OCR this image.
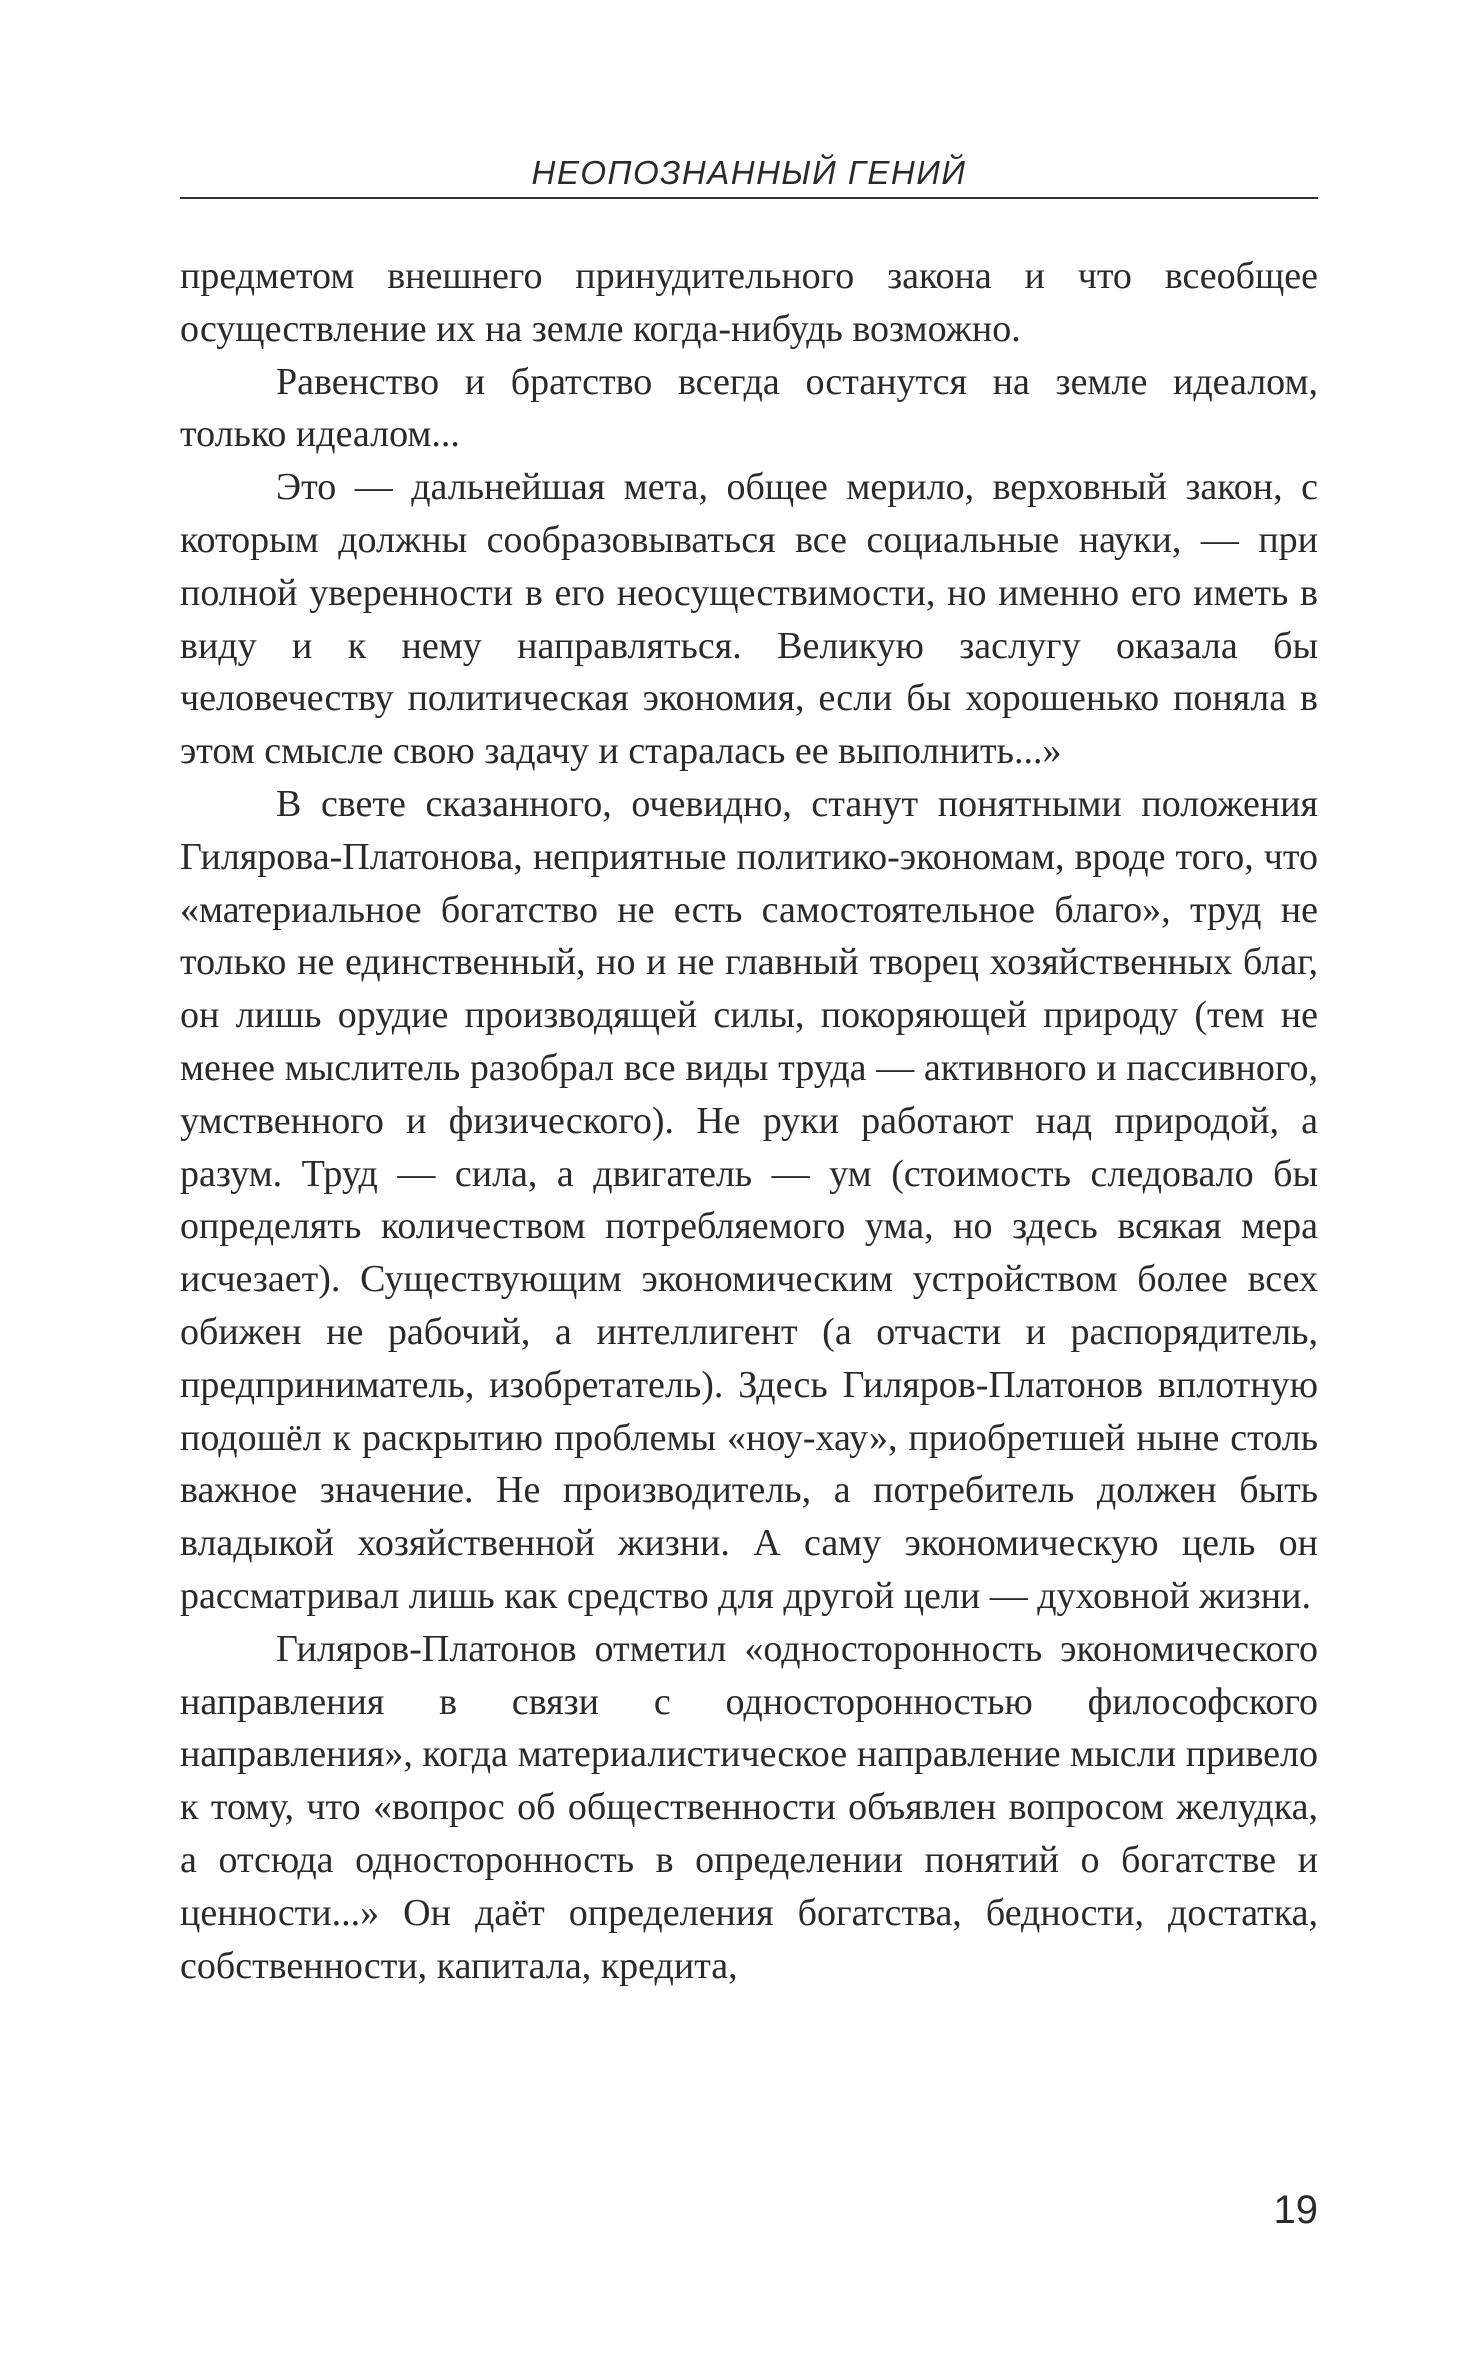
НЕОПОЗНАННЫЙ ГЕНИЙ

предметом внешнего принудительного закона и что всеобщее осуществление их на земле когда-нибудь возможно.

Равенство и братство всегда останутся на земле идеалом, только идеалом...

Это — дальнейшая мета, общее мерило, верховный закон, с которым должны сообразовываться все социальные науки, — при полной уверенности в его неосуществимости, но именно его иметь в виду и к нему направляться. Великую заслугу оказала бы человечеству политическая экономия, если бы хорошенько поняла в этом смысле свою задачу и старалась ее выполнить...»

В свете сказанного, очевидно, станут понятными положения Гилярова-Платонова, неприятные политико-экономам, вроде того, что «материальное богатство не есть самостоятельное благо», труд не только не единственный, но и не главный творец хозяйственных благ, он лишь орудие производящей силы, покоряющей природу (тем не менее мыслитель разобрал все виды труда — активного и пассивного, умственного и физического). Не руки работают над природой, а разум. Труд — сила, а двигатель — ум (стоимость следовало бы определять количеством потребляемого ума, но здесь всякая мера исчезает). Существующим экономическим устройством более всех обижен не рабочий, а интеллигент (а отчасти и распорядитель, предприниматель, изобретатель). Здесь Гиляров-Платонов вплотную подошёл к раскрытию проблемы «ноу-хау», приобретшей ныне столь важное значение. Не производитель, а потребитель должен быть владыкой хозяйственной жизни. А саму экономическую цель он рассматривал лишь как средство для другой цели — духовной жизни.

Гиляров-Платонов отметил «односторонность экономического направления в связи с односторонностью философского направления», когда материалистическое направление мысли привело к тому, что «вопрос об общественности объявлен вопросом желудка, а отсюда односторонность в определении понятий о богатстве и ценности...» Он даёт определения богатства, бедности, достатка, собственности, капитала, кредита,

19
